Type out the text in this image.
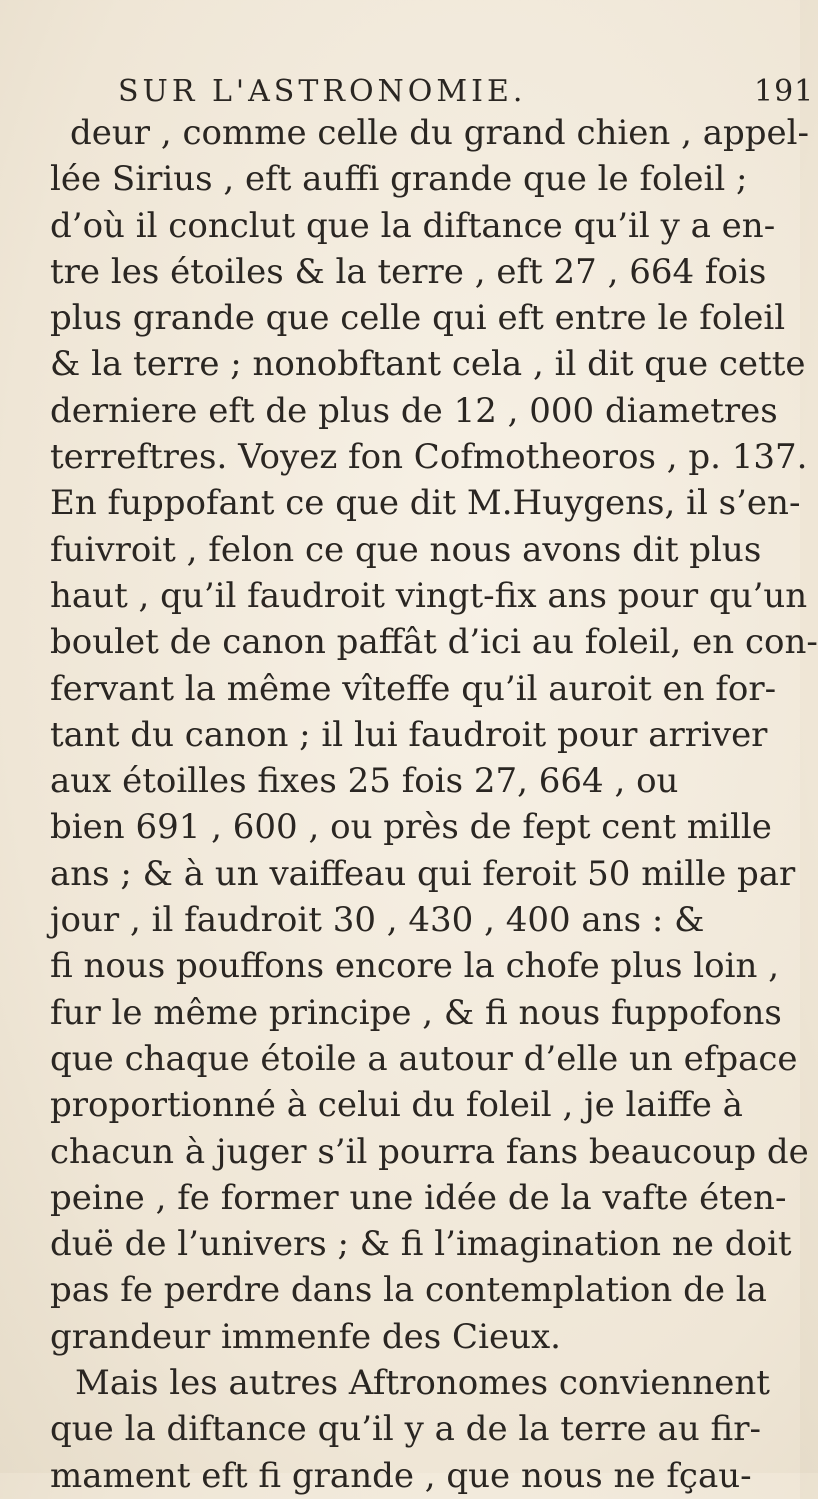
SUR L'ASTRONOMIE.	191
deur , comme celle du grand chien , appel-
lée Sirius , eft auffi grande que le foleil ;
d’où il conclut que la diftance qu’il y a en-
tre les étoiles & la terre , eft 27 , 664 fois
plus grande que celle qui eft entre le foleil
& la terre ; nonobftant cela , il dit que cette
derniere eft de plus de 12 , 000 diametres
terreftres. Voyez fon Cofmotheoros , p. 137.
En fuppofant ce que dit M.Huygens, il s’en-
fuivroit , felon ce que nous avons dit plus
haut , qu’il faudroit vingt-fix ans pour qu’un
boulet de canon paffât d’ici au foleil, en con-
fervant la même vîteffe qu’il auroit en for-
tant du canon ; il lui faudroit pour arriver
aux étoilles fixes 25 fois 27, 664 , ou
bien 691 , 600 , ou près de fept cent mille
ans ; & à un vaiffeau qui feroit 50 mille par
jour , il faudroit 30 , 430 , 400 ans : &
fi nous pouffons encore la chofe plus loin ,
fur le même principe , & fi nous fuppofons
que chaque étoile a autour d’elle un efpace
proportionné à celui du foleil , je laiffe à
chacun à juger s’il pourra fans beaucoup de
peine , fe former une idée de la vafte éten-
duë de l’univers ; & fi l’imagination ne doit
pas fe perdre dans la contemplation de la
grandeur immenfe des Cieux.
Mais les autres Aftronomes conviennent
que la diftance qu’il y a de la terre au fir-
mament eft fi grande , que nous ne fçau-
